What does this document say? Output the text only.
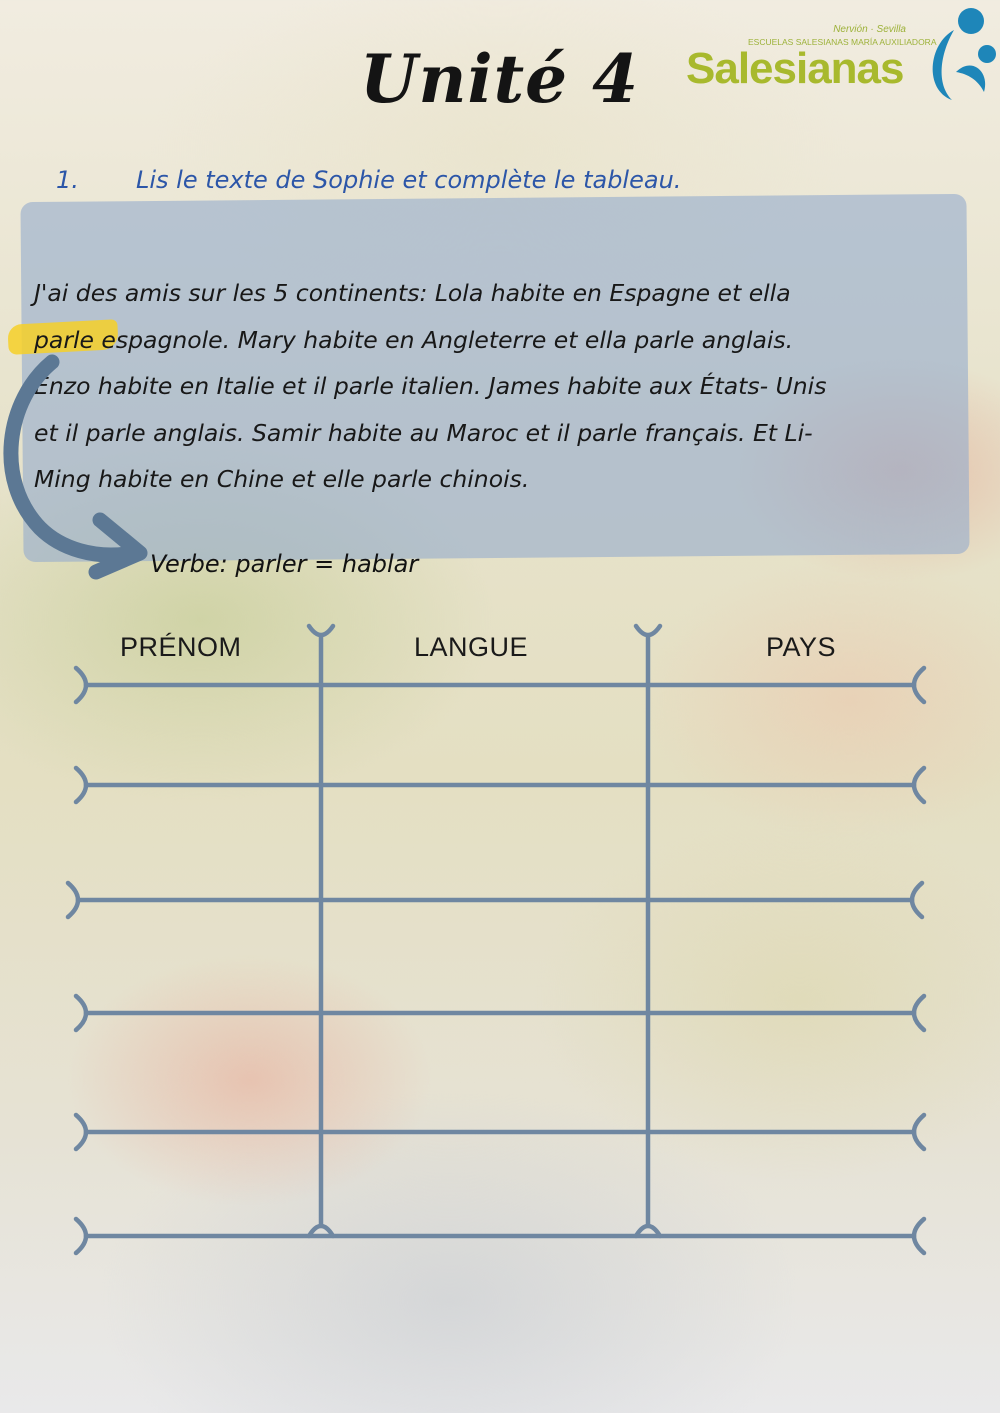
Unité 4
Nervión · Sevilla
ESCUELAS SALESIANAS MARÍA AUXILIADORA
Salesianas
1. Lis le texte de Sophie et complète le tableau.
J'ai des amis sur les 5 continents: Lola habite en Espagne et ella
parle espagnole. Mary habite en Angleterre et ella parle anglais.
Enzo habite en Italie et il parle italien. James habite aux États- Unis
et il parle anglais. Samir habite au Maroc et il parle français. Et Li-
Ming habite en Chine et elle parle chinois.
Verbe: parler = hablar
PRÉNOM	LANGUE	PAYS
